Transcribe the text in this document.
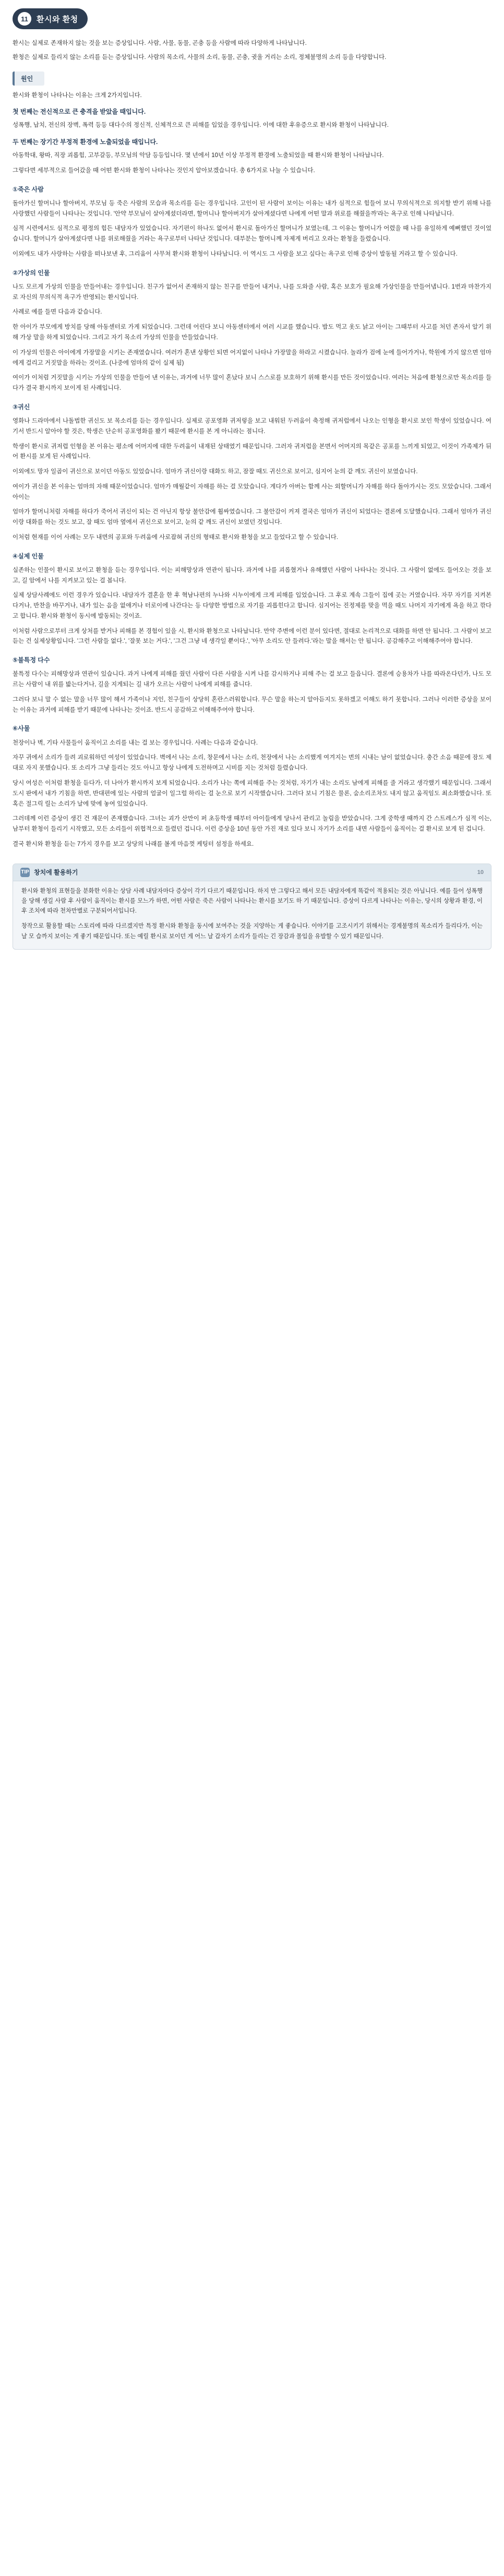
11	환시와 환청

환시는 실제로 존재하지 않는 것을 보는 증상입니다. 사람, 사물, 동물, 곤충 등을 사람에 따라 다양하게 나타납니다.

환청은 실제로 들리지 않는 소리를 듣는 증상입니다. 사람의 목소리, 사물의 소리, 동물, 곤충, 귓울 거리는 소리, 정체불명의 소리 등을 다양합니다.

원인

환시와 환청이 나타나는 이유는 크게 2가지입니다.

첫 번째는 전신적으로 큰 충격을 받았을 때입니다.

성폭행, 납치, 전신의 장벽, 폭력 등등 대다수의 정신적, 신체적으로 큰 피해를 입었을 경우입니다. 이에 대한 후유증으로 환시와 환청이 나타납니다.

두 번째는 장기간 부정적 환경에 노출되었을 때입니다.

아동학대, 왕따, 직장 괴롭힘, 고부갈등, 부모님의 악담 등등입니다. 몇 년에서 10년 이상 부정적 환경에 노출되었을 때 환시와 환청이 나타납니다.

그렇다면 세부적으로 들어갔을 때 어떤 환시와 환청이 나타나는 것인지 알아보겠습니다. 총 6가지로 나눌 수 있습니다.

①죽은 사람

돌아가신 할머니나 할아버지, 부모님 등 죽은 사람의 모습과 목소리를 듣는 경우입니다. 고인이 된 사람이 보이는 이유는 내가 심적으로 힘들어 보니 무의식적으로 의지할 받기 위해 나를 사랑했던 사람들이 나타나는 것입니다. '안약 부모님이 살아계셨더라면, 할머니나 할아버지가 살아계셨다면 나에게 어떤 말과 위로를 해줬을까'라는 욕구로 인해 나타납니다.

심적 시련에서도 심적으로 평정의 힘든 내담자가 있었습니다. 자기편이 하나도 없어서 환시로 돌아가신 할머니가 보였는데, 그 이유는 할머니가 어렸을 때 나를 유일하게 예뻐했던 것이었습니다. 할머니가 살아계셨다면 나를 위로해줬을 거라는 욕구로부터 나타난 것입니다. 대부분는 할머니께 자제게 버리고 오라는 환청을 들렸습니다.

이외에도 내가 사랑하는 사람을 떠나보낸 후, 그리움이 사무쳐 환시와 환청이 나타납니다. 이 역시도 그 사람을 보고 싶다는 욕구로 인해 증상이 발동될 거라고 할 수 있습니다.

②가상의 인물

나도 모르게 가상의 인물을 만들어내는 경우입니다. 친구가 없어서 존재하지 않는 친구를 만들어 내거나, 나를 도와줄 사람, 혹은 보호가 필요해 가상인물을 만들어냅니다. 1번과 마찬가지로 자신의 무의식적 욕구가 반영되는 환시입니다.

사례로 예를 들면 다음과 같습니다.

한 아이가 부모에게 방치를 당해 아동센터로 가게 되었습니다. 그런데 어린다 보니 아동센터에서 여러 시교를 했습니다. 밥도 먹고 옷도 낡고 아이는 그때부터 사고를 처던 존자서 알기 위해 가상 말을 하게 되었습니다. 그리고 자기 목소리 가상의 인물을 만들었습니다.

이 가상의 인물은 아이에게 가장말을 시키는 존재였습니다. 여러가 혼낸 상황인 되면 어지없이 나타나 가장말을 하라고 시켰습니다. 놀라가 검에 눈에 들어가거나, 학원에 가지 않으면 엄마에게 걸리고 거짓말을 하라는 것이죠. (나중에 엄마의 같이 실제 됨)

여이가 이처럼 거짓말을 시키는 가상의 인물을 만들어 낸 이유는, 과거에 너무 많이 혼났다 보니 스스로를 보호하기 위해 환시를 만든 것이었습니다. 여러는 처음에 환청으로만 목소리를 들다가 결국 환시까지 보이게 된 사례입니다.

③귀신

영화나 드라마에서 나돌법한 귀신도 보 목소리를 듣는 경우입니다. 실제로 공포영화 귀저렇을 보고 내워된 두려움이 축정해 귀저럽에서 나오는 인형을 환시로 보인 학생이 있었습니다. 여기서 반드시 알아야 할 것은, 학생은 단순히 공포영화를 봤기 때문에 환시를 본 게 아니라는 점니다.

학생이 환시로 귀저럽 인형을 본 이유는 평소에 어머지에 대한 두려움이 내재된 상태였기 때문입니다. 그러자 귀저럽을 본면서 어머지의 목같은 공포를 느끼게 되었고, 이것이 가족제가 뒤어 환시를 보게 된 사례입니다.

이외에도 망자 일곱이 귀신으로 보이던 아동도 있었습니다. 엄마가 귀신이랑 대화도 하고, 잠잘 때도 귀신으로 보이고, 심지어 눈의 같 깨도 귀신이 보였습니다.

여이가 귀신을 본 이유는 엄마의 자해 때문이었습니다. 엄마가 매월같이 자해를 하는 걸 모았습니다. 게다가 아버는 함께 사는 외할머니가 자해를 하다 돌아가시는 것도 모았습니다. 그래서 아이는

엄마가 할머니처럼 자해를 하다가 죽어서 귀신이 되는 건 아닌지 항상 불안감에 휩싸였습니다. 그 불안감이 커져 결국은 엄마가 귀신이 되었다는 결론에 도달했습니다. 그래서 엄마가 귀신이랑 대화를 하는 것도 보고, 잘 때도 엄마 옆에서 귀신으로 보이고, 눈의 같 깨도 귀신이 보였던 것입니다.

이처럼 현재를 이어 사례는 모두 내면의 공포와 두려움에 사로잡혀 귀신의 형태로 환시와 환청을 보고 들었다고 할 수 있습니다.

④실제 인물

실존하는 인물이 환시로 보이고 환청을 듣는 경우입니다. 이는 피해망상과 연관이 됩니다. 과거에 나를 괴롭혔거나 유해했던 사람이 나타나는 것니다. 그 사람이 없에도 들어오는 것을 보고, 길 암에서 나를 지켜보고 있는 걸 봅니다.

실제 상담사례에도 이런 경우가 있습니다. 내담자가 결혼을 한 후 혁남나편의 누나와 시누이에게 크게 피해를 입었습니다. 그 후로 계속 그들이 집에 곳는 거였습니다. 자꾸 자기를 지켜본다거나, 반찬을 바꾸거나, 내가 있는 음을 없애거나 터로이에 나간다는 등 다양한 방법으로 자기를 괴롭힌다고 합니다. 심지어는 진정제를 맞을 먹을 때도 나머지 자기에게 욕을 하고 깎다고 합니다. 환시와 환청이 동시에 발동되는 것이죠.

이처럼 사람으로부터 크게 상처를 받거나 피해를 본 경험이 있을 시, 환시와 환청으로 나타납니다. 만약 주변에 이런 분이 있다면, 절대로 논리적으로 대화를 하면 안 됩니다. 그 사람이 보고 듣는 건 실제상황입니다. '그런 사람들 없다.', '잘못 보는 거다.', '그건 그냥 네 생각일 뿐이다.', '아무 소리도 안 들려다.'라는 말을 해서는 안 됩니다. 공감해주고 이해해주어야 합니다.

⑤불특정 다수

불특정 다수는 피해망상과 연관이 있습니다. 과거 나에게 피해를 줬던 사람이 다른 사람을 시켜 나를 감시하거나 피해 주는 걸 보고 들읍니다. 결론에 승용차가 나를 따라온다던가, 나도 모르는 사람이 내 위를 밟는다거나, 길을 지게되는 길 내가 오르는 사람이 나에게 피해를 줍니다.

그러다 보니 말 수 없는 말을 너무 많이 해서 가족이나 지인, 친구들이 상당히 혼란스러워합니다. 무슨 말을 하는지 알아듣지도 못하겠고 이해도 하기 못합니다. 그러나 이러한 증상을 보이는 이유는 과거에 피해를 받기 때문에 나타나는 것이죠. 반드시 공감하고 이해해주어야 합니다.

⑥사물

천장이나 벽, 기타 사물들이 움직이고 소리를 내는 걸 보는 경우입니다. 사례는 다음과 같습니다.

자꾸 귀에서 소리가 들려 괴로워하던 여성이 있었습니다. 벽에서 나는 소리, 창문에서 나는 소리, 천장에서 나는 소리했게 여겨지는 번의 시내는 남이 없었습니다. 충간 소음 때문에 잠도 제대로 자지 못했습니다. 또 소리가 그냥 들리는 것도 아니고 항상 나에게 도전하며고 시비를 지는 것처럼 들렸습니다.

당시 여성은 이처럼 환청을 듣다가, 더 나아가 환시까지 보게 되었습니다. 소리가 나는 쪽에 피해를 주는 것처럼, 자기가 내는 소리도 남에게 피해를 줄 거라고 생각했기 때문입니다. 그래서 도시 판에서 내가 기침을 하면, 반대편에 있는 사람의 얼굴이 일그럴 하리는 걸 눈으로 보기 시작했습니다. 그러다 보니 기침은 물론, 숨소리조차도 내지 않고 움직임도 최소화했습니다. 또 혹은 절그릭 릴는 소리가 날에 맞에 놓여 있었습니다.

그러데께 이런 증상이 생긴 건 재문이 존재했습니다. 그녀는 괴가 산만이 퍼 초등학생 때부터 아이들에게 당나서 관리고 놀림을 받았습니다. 그게 중학생 때까지 간 스트레스가 심적 이는, 남부터 환청이 들리기 시작했고, 모든 소리들이 위협적으로 들렸던 겁니다. 이런 증상을 10년 동안 가진 재로 있다 보니 자기가 소리를 내면 사람들이 움직이는 걸 환시로 보게 된 겁니다.

결국 환시와 환청을 듣는 7가지 경우를 보고 상당의 나래를 볼게 마음껏 케팅터 섬정을 하세요.

TIP 창치에 활용하기	10

환시와 환청의 표현들을 분화한 이유는 상담 사례 내담자마다 증상이 각기 다르기 때문입니다. 하지 만 그렇다고 해서 모든 내담자에게 똑같이 적용되는 것은 아닙니다. 예를 들어 성폭행을 당해 생길 사람 후 사람이 움직이는 환시를 모느가 하면, 어떤 사람은 죽은 사람이 나타나는 환시를 보기도 하 기 때문입니다. 증상이 다르게 나타나는 이유는, 당시의 상황과 환경, 이후 조치에 따라 천차만별로 구분되어서입니다.

창작으로 활용할 때는 스토리에 따라 다르겠지만 특정 환시와 환청을 동시에 보여주는 것을 지양하는 게 좋습니다. 이야기를 고조시키기 위해서는 경계불명의 목소리가 들리다가, 이는 날 모 습까지 보이는 게 좋기 때문입니다. 또는 예릴 환시로 보이던 게 어느 날 갑자기 소리가 들리는 긴 장감과 몰입을 유발할 수 있기 때문입니다.
